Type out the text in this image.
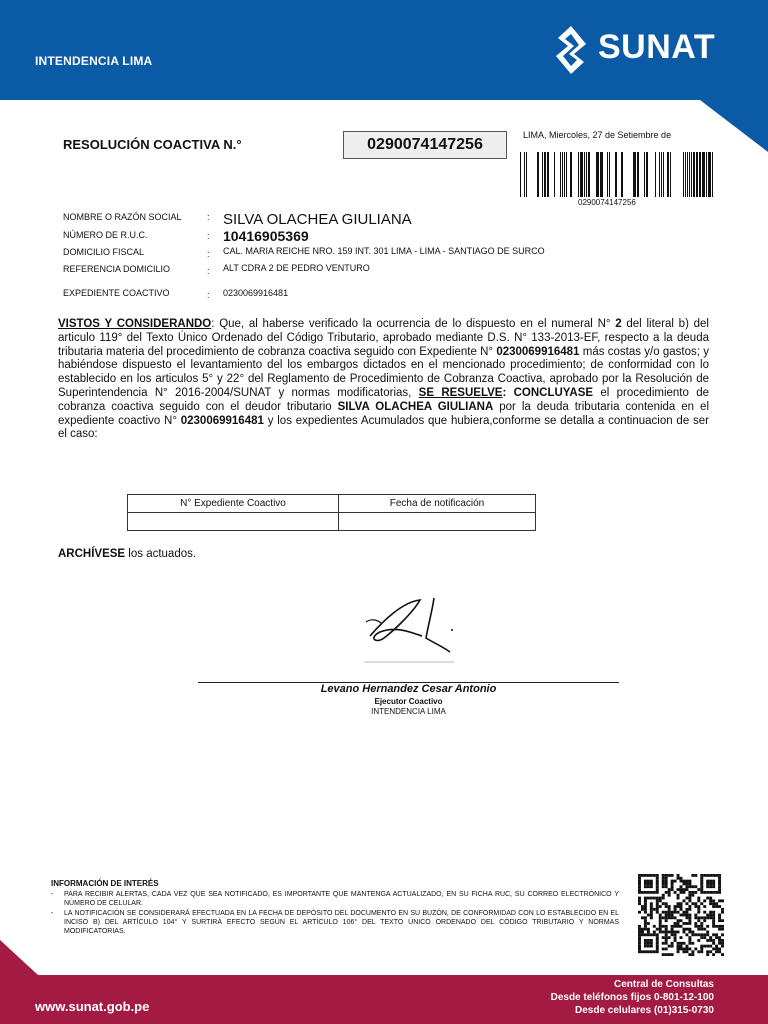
INTENDENCIA LIMA	SUNAT
RESOLUCIÓN COACTIVA N.°	0290074147256
LIMA, Miercoles, 27 de Setiembre de
0290074147256
NOMBRE O RAZÓN SOCIAL	: SILVA OLACHEA GIULIANA
NÚMERO DE R.U.C.	: 10416905369
DOMICILIO FISCAL	: CAL. MARIA REICHE NRO. 159 INT. 301 LIMA - LIMA - SANTIAGO DE SURCO
REFERENCIA DOMICILIO	: ALT CDRA 2 DE PEDRO VENTURO
EXPEDIENTE COACTIVO	: 0230069916481

VISTOS Y CONSIDERANDO: Que, al haberse verificado la ocurrencia de lo dispuesto en el numeral N° 2 del literal b) del articulo 119° del Texto Único Ordenado del Código Tributario, aprobado mediante D.S. N° 133-2013-EF, respecto a la deuda tributaria materia del procedimiento de cobranza coactiva seguido con Expediente N° 0230069916481 más costas y/o gastos; y habiéndose dispuesto el levantamiento del los embargos dictados en el mencionado procedimiento; de conformidad con lo establecido en los articulos 5° y 22° del Reglamento de Procedimiento de Cobranza Coactiva, aprobado por la Resolución de Superintendencia N° 2016-2004/SUNAT y normas modificatorias, SE RESUELVE: CONCLUYASE el procedimiento de cobranza coactiva seguido con el deudor tributario SILVA OLACHEA GIULIANA por la deuda tributaria contenida en el expediente coactivo N° 0230069916481 y los expedientes Acumulados que hubiera,conforme se detalla a continuacion de ser el caso:

N° Expediente Coactivo	Fecha de notificación

ARCHÍVESE los actuados.

Levano Hernandez Cesar Antonio
Ejecutor Coactivo
INTENDENCIA LIMA
INFORMACIÓN DE INTERÉS
- PARA RECIBIR ALERTAS, CADA VEZ QUE SEA NOTIFICADO, ES IMPORTANTE QUE MANTENGA ACTUALIZADO, EN SU FICHA RUC, SU CORREO ELECTRÓNICO Y NÚMERO DE CELULAR.
- LA NOTIFICACIÓN SE CONSIDERARÁ EFECTUADA EN LA FECHA DE DEPÓSITO DEL DOCUMENTO EN SU BUZÓN, DE CONFORMIDAD CON LO ESTABLECIDO EN EL INCISO B) DEL ARTÍCULO 104° Y SURTIRÁ EFECTO SEGÚN EL ARTÍCULO 106° DEL TEXTO ÚNICO ORDENADO DEL CÓDIGO TRIBUTARIO Y NORMAS MODIFICATORIAS.
www.sunat.gob.pe
Central de Consultas
Desde teléfonos fijos 0-801-12-100
Desde celulares (01)315-0730
